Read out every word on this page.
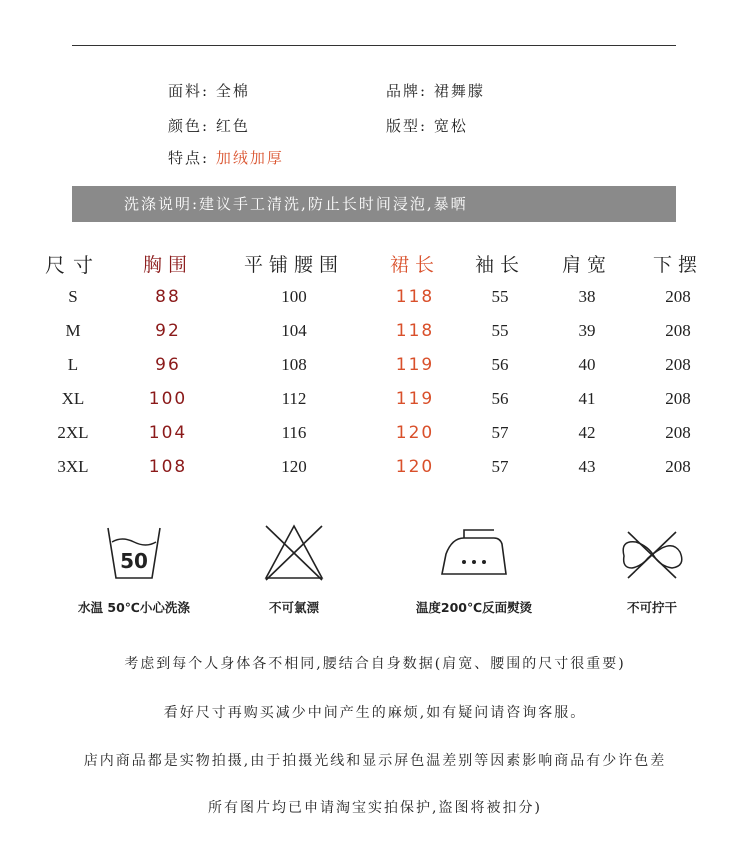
面料: 全棉	品牌: 裙舞朦
颜色: 红色	版型: 宽松
特点: 加绒加厚
洗涤说明:建议手工清洗,防止长时间浸泡,暴晒
尺寸	胸围	平铺腰围	裙长	袖长	肩宽	下摆
S	88	100	118	55	38	208
M	92	104	118	55	39	208
L	96	108	119	56	40	208
XL	100	112	119	56	41	208
2XL	104	116	120	57	42	208
3XL	108	120	120	57	43	208
50
水温 50℃小心洗涤	不可氯漂	温度200℃反面熨烫	不可拧干
考虑到每个人身体各不相同,腰结合自身数据(肩宽、腰围的尺寸很重要)
看好尺寸再购买减少中间产生的麻烦,如有疑问请咨询客服。
店内商品都是实物拍摄,由于拍摄光线和显示屏色温差别等因素影响商品有少许色差
所有图片均已申请淘宝实拍保护,盗图将被扣分)
